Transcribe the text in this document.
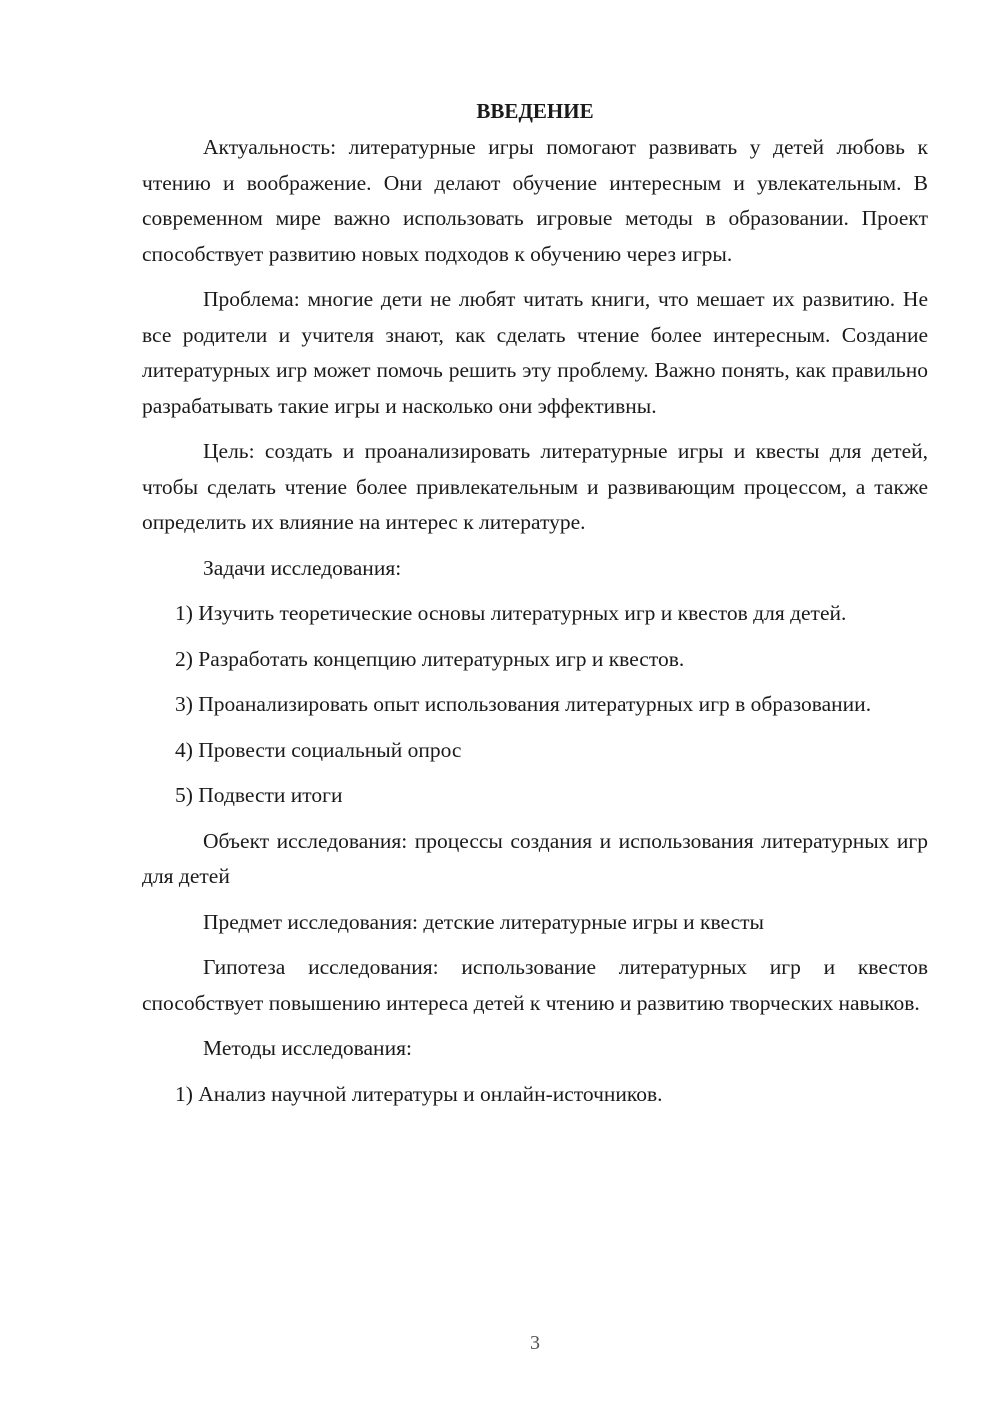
ВВЕДЕНИЕ

Актуальность: литературные игры помогают развивать у детей любовь к чтению и воображение. Они делают обучение интересным и увлекательным. В современном мире важно использовать игровые методы в образовании. Проект способствует развитию новых подходов к обучению через игры.

Проблема: многие дети не любят читать книги, что мешает их развитию. Не все родители и учителя знают, как сделать чтение более интересным. Создание литературных игр может помочь решить эту проблему. Важно понять, как правильно разрабатывать такие игры и насколько они эффективны.

Цель: создать и проанализировать литературные игры и квесты для детей, чтобы сделать чтение более привлекательным и развивающим процессом, а также определить их влияние на интерес к литературе.

Задачи исследования:

1) Изучить теоретические основы литературных игр и квестов для детей.

2) Разработать концепцию литературных игр и квестов.

3) Проанализировать опыт использования литературных игр в образовании.

4) Провести социальный опрос

5) Подвести итоги

Объект исследования: процессы создания и использования литературных игр для детей

Предмет исследования: детские литературные игры и квесты

Гипотеза исследования: использование литературных игр и квестов способствует повышению интереса детей к чтению и развитию творческих навыков.

Методы исследования:

1) Анализ научной литературы и онлайн-источников.

3
